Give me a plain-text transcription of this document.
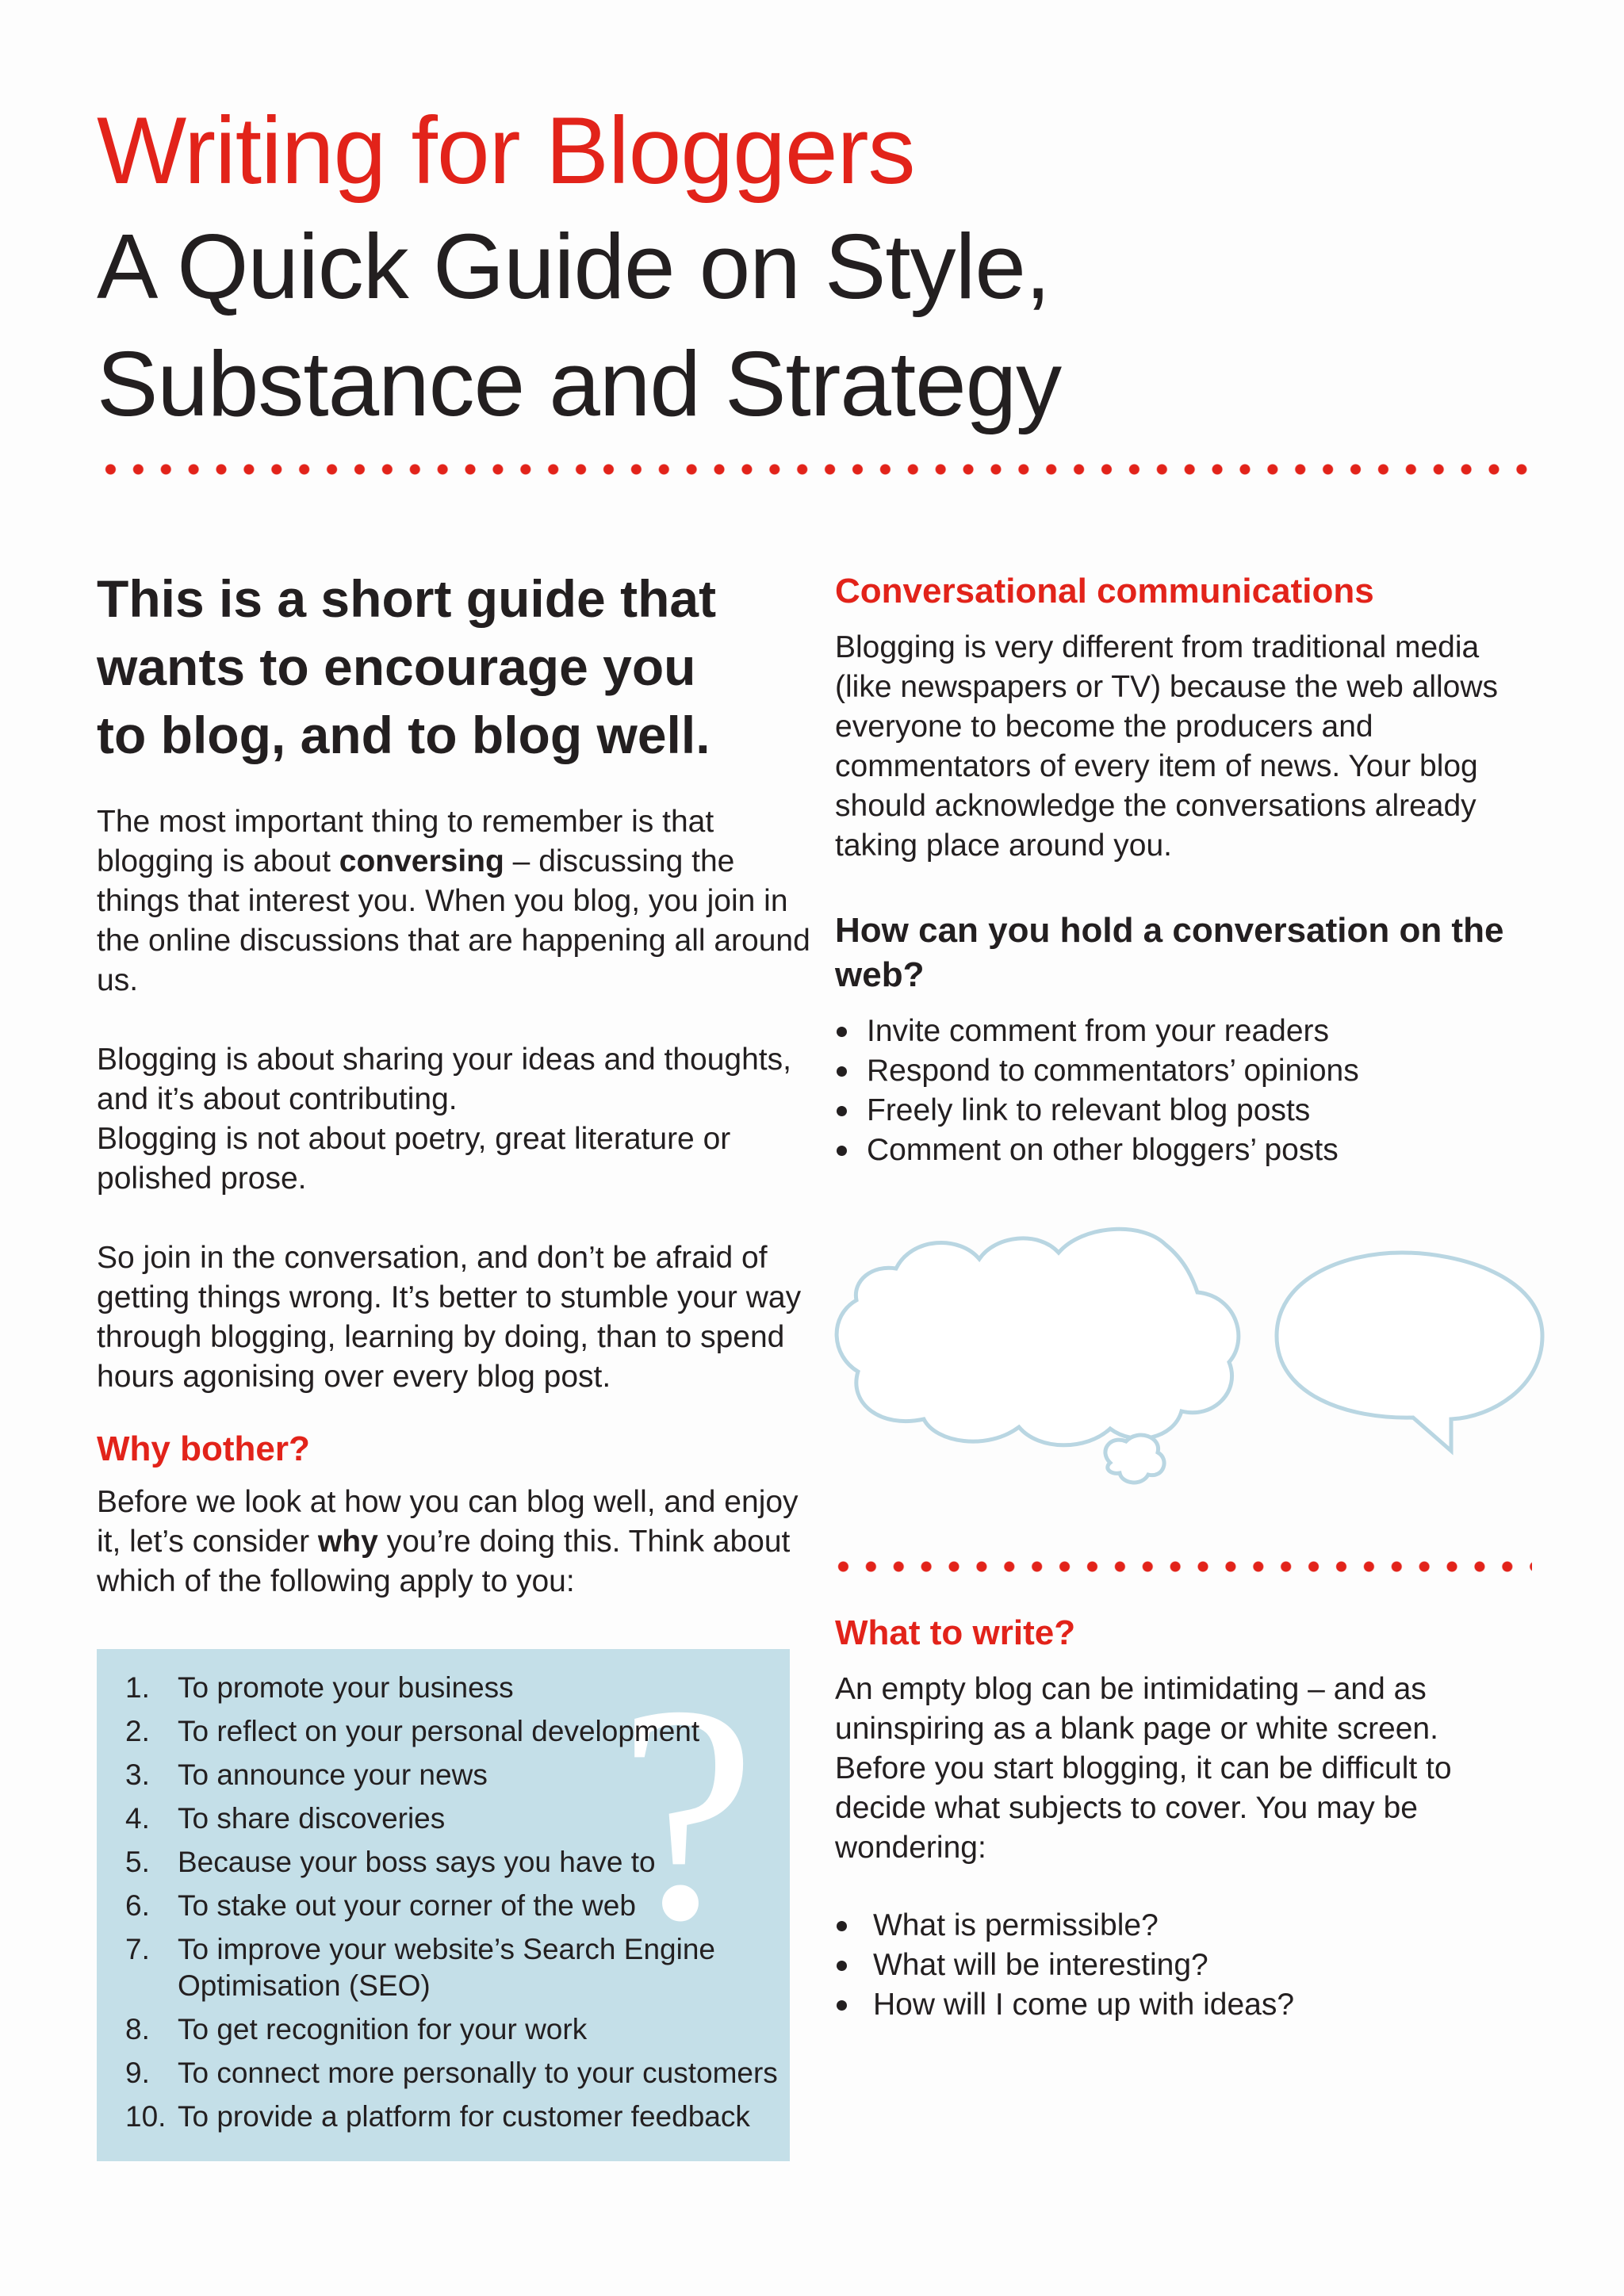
Writing for Bloggers
A Quick Guide on Style,
Substance and Strategy
This is a short guide that
wants to encourage you
to blog, and to blog well.

The most important thing to remember is that blogging is about conversing – discussing the things that interest you. When you blog, you join in the online discussions that are happening all around us.

Blogging is about sharing your ideas and thoughts, and it’s about contributing.
Blogging is not about poetry, great literature or polished prose.

So join in the conversation, and don’t be afraid of getting things wrong. It’s better to stumble your way through blogging, learning by doing, than to spend hours agonising over every blog post.

Why bother?

Before we look at how you can blog well, and enjoy it, let’s consider why you’re doing this. Think about which of the following apply to you:

?
1. To promote your business
2. To reflect on your personal development
3. To announce your news
4. To share discoveries
5. Because your boss says you have to
6. To stake out your corner of the web
7. To improve your website’s Search Engine Optimisation (SEO)
8. To get recognition for your work
9. To connect more personally to your customers
10. To provide a platform for customer feedback
Conversational communications

Blogging is very different from traditional media (like newspapers or TV) because the web allows everyone to become the producers and commentators of every item of news. Your blog should acknowledge the conversations already taking place around you.

How can you hold a conversation on the web?
Invite comment from your readers
Respond to commentators’ opinions
Freely link to relevant blog posts
Comment on other bloggers’ posts
What to write?

An empty blog can be intimidating – and as uninspiring as a blank page or white screen. Before you start blogging, it can be difficult to decide what subjects to cover. You may be wondering:

What is permissible?
What will be interesting?
How will I come up with ideas?
